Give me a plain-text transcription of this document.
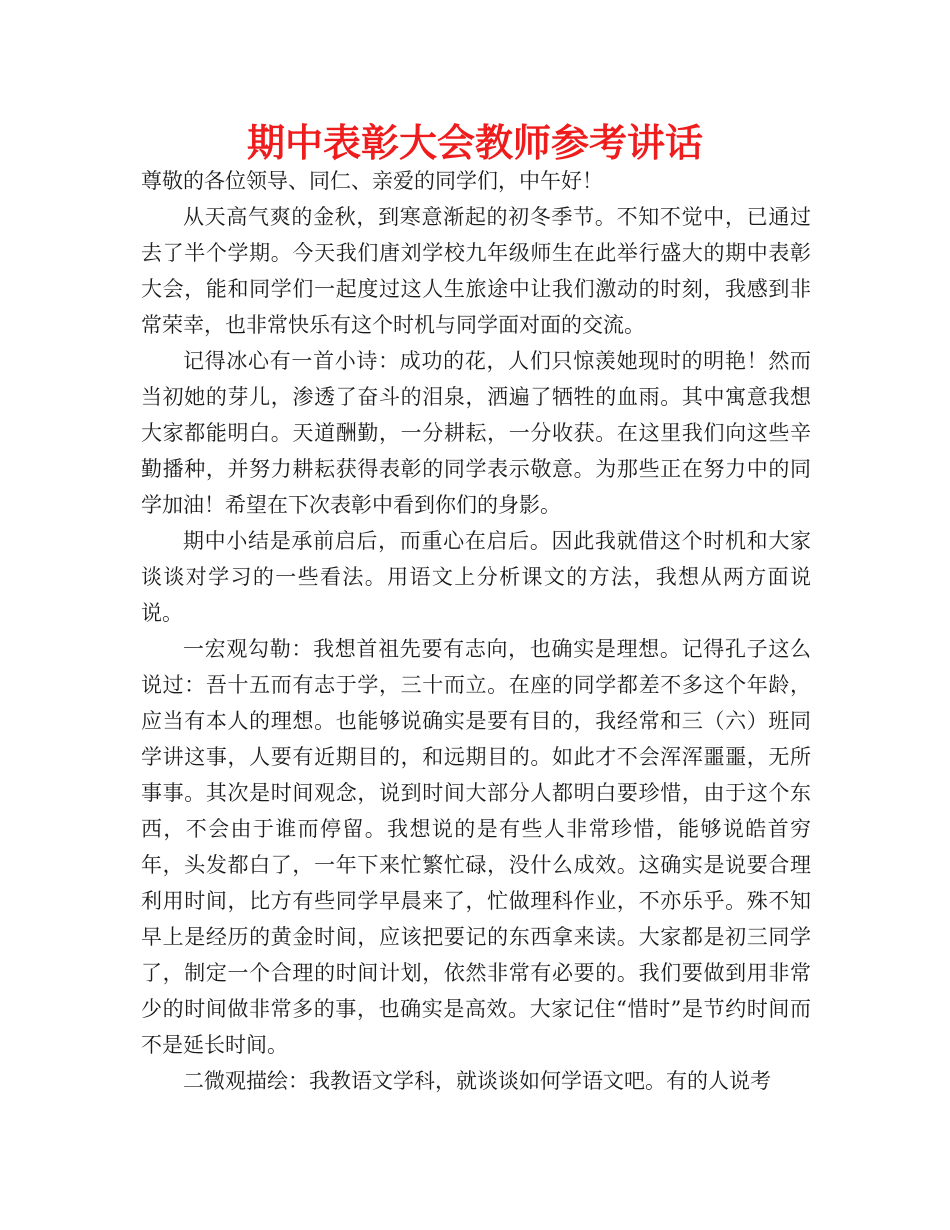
期中表彰大会教师参考讲话

尊敬的各位领导、同仁、亲爱的同学们，中午好！

从天高气爽的金秋，到寒意渐起的初冬季节。不知不觉中，已通过去了半个学期。今天我们唐刘学校九年级师生在此举行盛大的期中表彰大会，能和同学们一起度过这人生旅途中让我们激动的时刻，我感到非常荣幸，也非常快乐有这个时机与同学面对面的交流。

记得冰心有一首小诗：成功的花，人们只惊羡她现时的明艳！然而当初她的芽儿，渗透了奋斗的泪泉，洒遍了牺牲的血雨。其中寓意我想大家都能明白。天道酬勤，一分耕耘，一分收获。在这里我们向这些辛勤播种，并努力耕耘获得表彰的同学表示敬意。为那些正在努力中的同学加油！希望在下次表彰中看到你们的身影。

期中小结是承前启后，而重心在启后。因此我就借这个时机和大家谈谈对学习的一些看法。用语文上分析课文的方法，我想从两方面说说。

一宏观勾勒：我想首祖先要有志向，也确实是理想。记得孔子这么说过：吾十五而有志于学，三十而立。在座的同学都差不多这个年龄，应当有本人的理想。也能够说确实是要有目的，我经常和三（六）班同学讲这事，人要有近期目的，和远期目的。如此才不会浑浑噩噩，无所事事。其次是时间观念，说到时间大部分人都明白要珍惜，由于这个东西，不会由于谁而停留。我想说的是有些人非常珍惜，能够说皓首穷年，头发都白了，一年下来忙繁忙碌，没什么成效。这确实是说要合理利用时间，比方有些同学早晨来了，忙做理科作业，不亦乐乎。殊不知早上是经历的黄金时间，应该把要记的东西拿来读。大家都是初三同学了，制定一个合理的时间计划，依然非常有必要的。我们要做到用非常少的时间做非常多的事，也确实是高效。大家记住“惜时”是节约时间而不是延长时间。

二微观描绘：我教语文学科，就谈谈如何学语文吧。有的人说考
